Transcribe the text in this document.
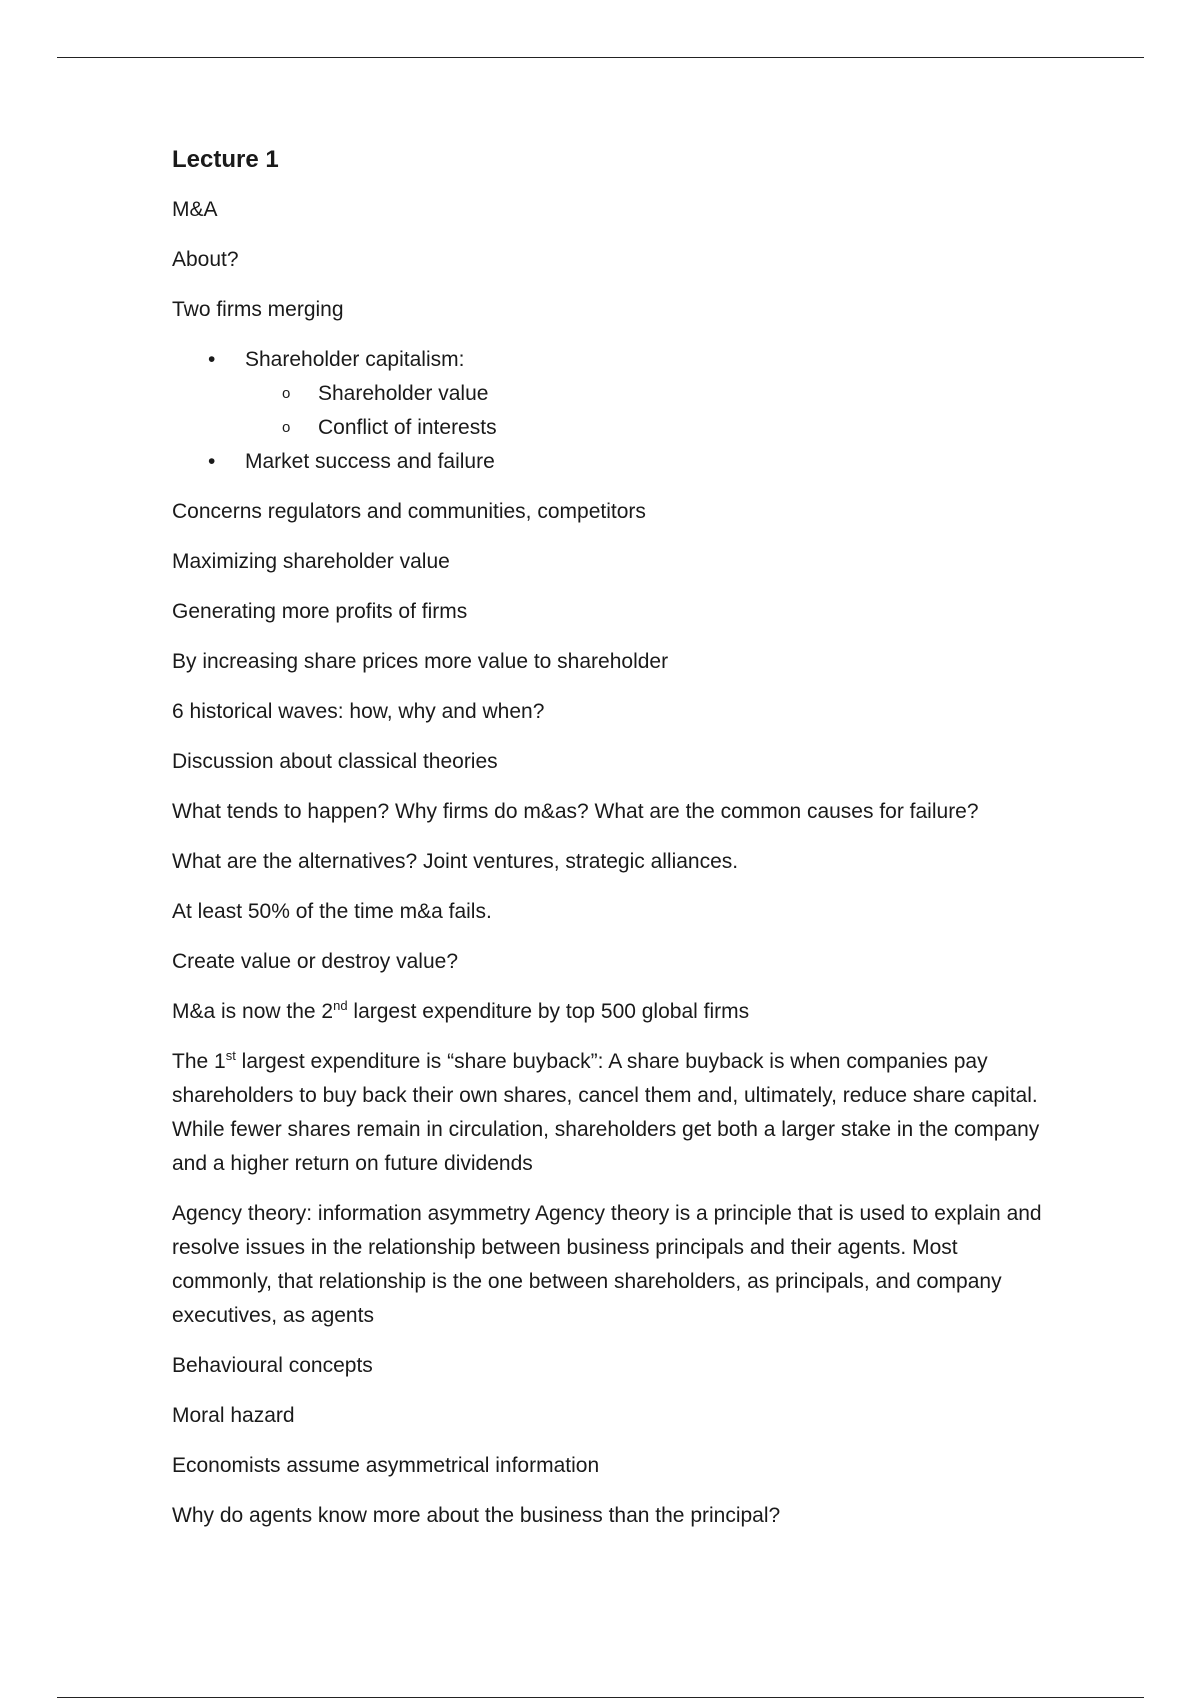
Lecture 1

M&A

About?

Two firms merging

• Shareholder capitalism:
o Shareholder value
o Conflict of interests
• Market success and failure

Concerns regulators and communities, competitors

Maximizing shareholder value

Generating more profits of firms

By increasing share prices more value to shareholder

6 historical waves: how, why and when?

Discussion about classical theories

What tends to happen? Why firms do m&as? What are the common causes for failure?

What are the alternatives? Joint ventures, strategic alliances.

At least 50% of the time m&a fails.

Create value or destroy value?

M&a is now the 2nd largest expenditure by top 500 global firms

The 1st largest expenditure is “share buyback”: A share buyback is when companies pay shareholders to buy back their own shares, cancel them and, ultimately, reduce share capital. While fewer shares remain in circulation, shareholders get both a larger stake in the company and a higher return on future dividends

Agency theory: information asymmetry Agency theory is a principle that is used to explain and resolve issues in the relationship between business principals and their agents. Most commonly, that relationship is the one between shareholders, as principals, and company executives, as agents

Behavioural concepts

Moral hazard

Economists assume asymmetrical information

Why do agents know more about the business than the principal?
